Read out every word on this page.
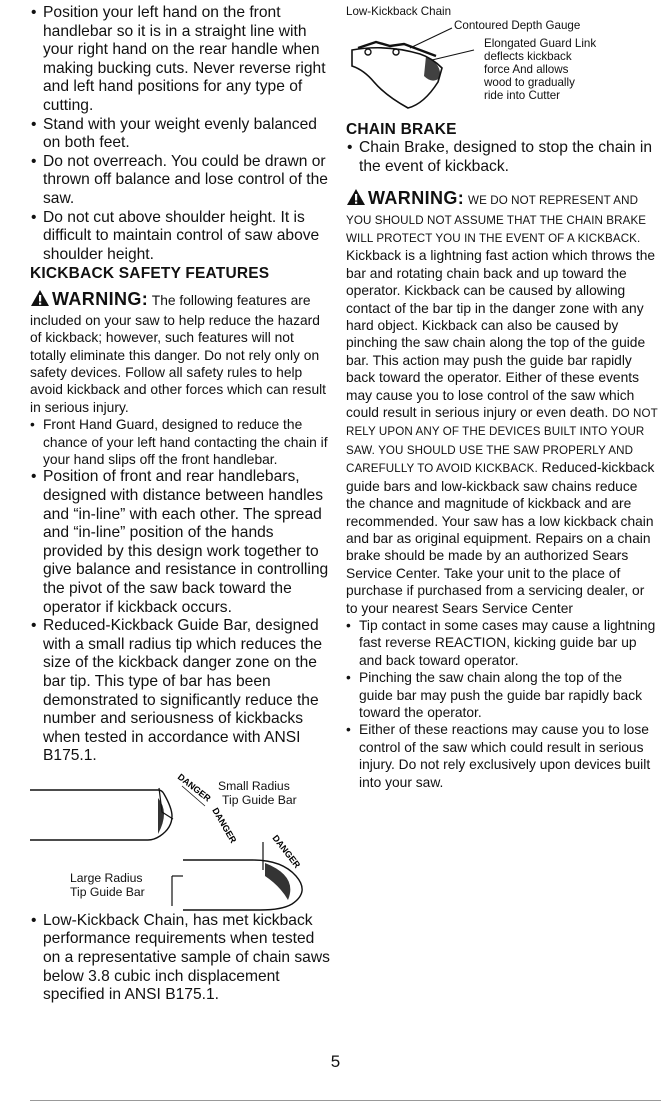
• Position your left hand on the front handlebar so it is in a straight line with your right hand on the rear handle when making bucking cuts. Never reverse right and left hand positions for any type of cutting.
• Stand with your weight evenly balanced on both feet.
• Do not overreach. You could be drawn or thrown off balance and lose control of the saw.
• Do not cut above shoulder height. It is difficult to maintain control of saw above shoulder height.
KICKBACK SAFETY FEATURES

WARNING: The following features are included on your saw to help reduce the hazard of kickback; however, such features will not totally eliminate this danger. Do not rely only on safety devices. Follow all safety rules to help avoid kickback and other forces which can result in serious injury.

• Front Hand Guard, designed to reduce the chance of your left hand contacting the chain if your hand slips off the front handlebar.
• Position of front and rear handlebars, designed with distance between handles and “in-line” with each other. The spread and “in-line” position of the hands provided by this design work together to give balance and resistance in controlling the pivot of the saw back toward the operator if kickback occurs.
• Reduced-Kickback Guide Bar, designed with a small radius tip which reduces the size of the kickback danger zone on the bar tip. This type of bar has been demonstrated to significantly reduce the number and seriousness of kickbacks when tested in accordance with ANSI B175.1.
DANGER
DANGER
DANGER
Small Radius
Tip Guide Bar
Large Radius
Tip Guide Bar
• Low-Kickback Chain, has met kickback performance requirements when tested on a representative sample of chain saws below 3.8 cubic inch displacement specified in ANSI B175.1.
Low-Kickback Chain
Contoured Depth Gauge
Elongated Guard Link
deflects kickback
force And allows
wood to gradually
ride into Cutter
CHAIN BRAKE
• Chain Brake, designed to stop the chain in the event of kickback.

WARNING: WE DO NOT REPRESENT AND YOU SHOULD NOT ASSUME THAT THE CHAIN BRAKE WILL PROTECT YOU IN THE EVENT OF A KICKBACK. Kickback is a lightning fast action which throws the bar and rotating chain back and up toward the operator. Kickback can be caused by allowing contact of the bar tip in the danger zone with any hard object. Kickback can also be caused by pinching the saw chain along the top of the guide bar. This action may push the guide bar rapidly back toward the operator. Either of these events may cause you to lose control of the saw which could result in serious injury or even death. DO NOT RELY UPON ANY OF THE DEVICES BUILT INTO YOUR SAW. YOU SHOULD USE THE SAW PROPERLY AND CAREFULLY TO AVOID KICKBACK. Reduced-kickback guide bars and low-kickback saw chains reduce the chance and magnitude of kickback and are recommended. Your saw has a low kickback chain and bar as original equipment. Repairs on a chain brake should be made by an authorized Sears Service Center. Take your unit to the place of purchase if purchased from a servicing dealer, or to your nearest Sears Service Center

• Tip contact in some cases may cause a lightning fast reverse REACTION, kicking guide bar up and back toward operator.
• Pinching the saw chain along the top of the guide bar may push the guide bar rapidly back toward the operator.
• Either of these reactions may cause you to lose control of the saw which could result in serious injury. Do not rely exclusively upon devices built into your saw.
5
